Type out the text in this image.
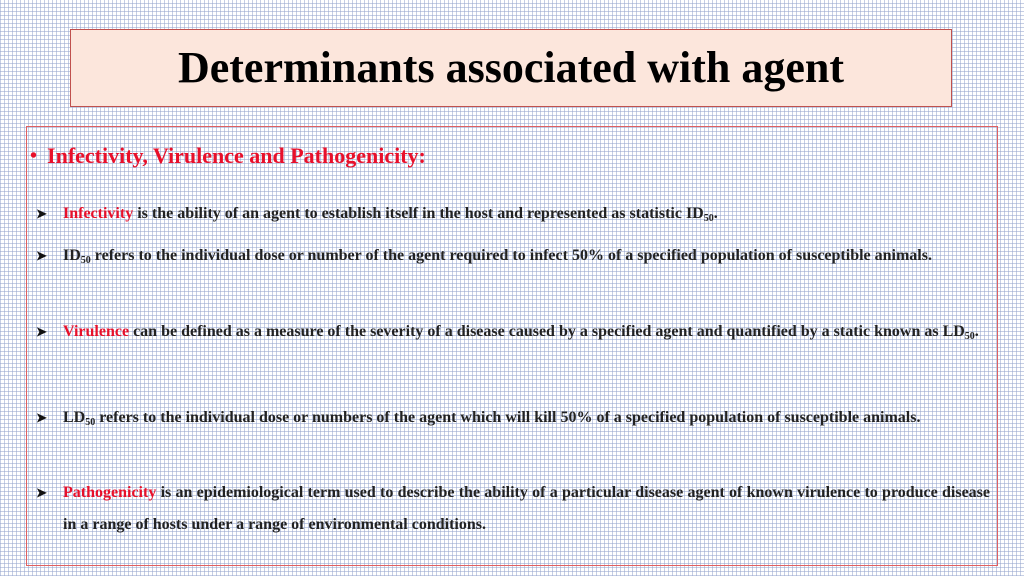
Determinants associated with agent
• Infectivity, Virulence and Pathogenicity:
➤	Infectivity is the ability of an agent to establish itself in the host and represented as statistic $ID_{50}$.
➤	$ID_{50}$ refers to the individual dose or number of the agent required to infect 50% of a specified population of susceptible animals.
➤	Virulence can be defined as a measure of the severity of a disease caused by a specified agent and quantified by a static known as $LD_{50}$.
➤	$LD_{50}$ refers to the individual dose or numbers of the agent which will kill 50% of a specified population of susceptible animals.
➤	Pathogenicity is an epidemiological term used to describe the ability of a particular disease agent of known virulence to produce disease in a range of hosts under a range of environmental conditions.
